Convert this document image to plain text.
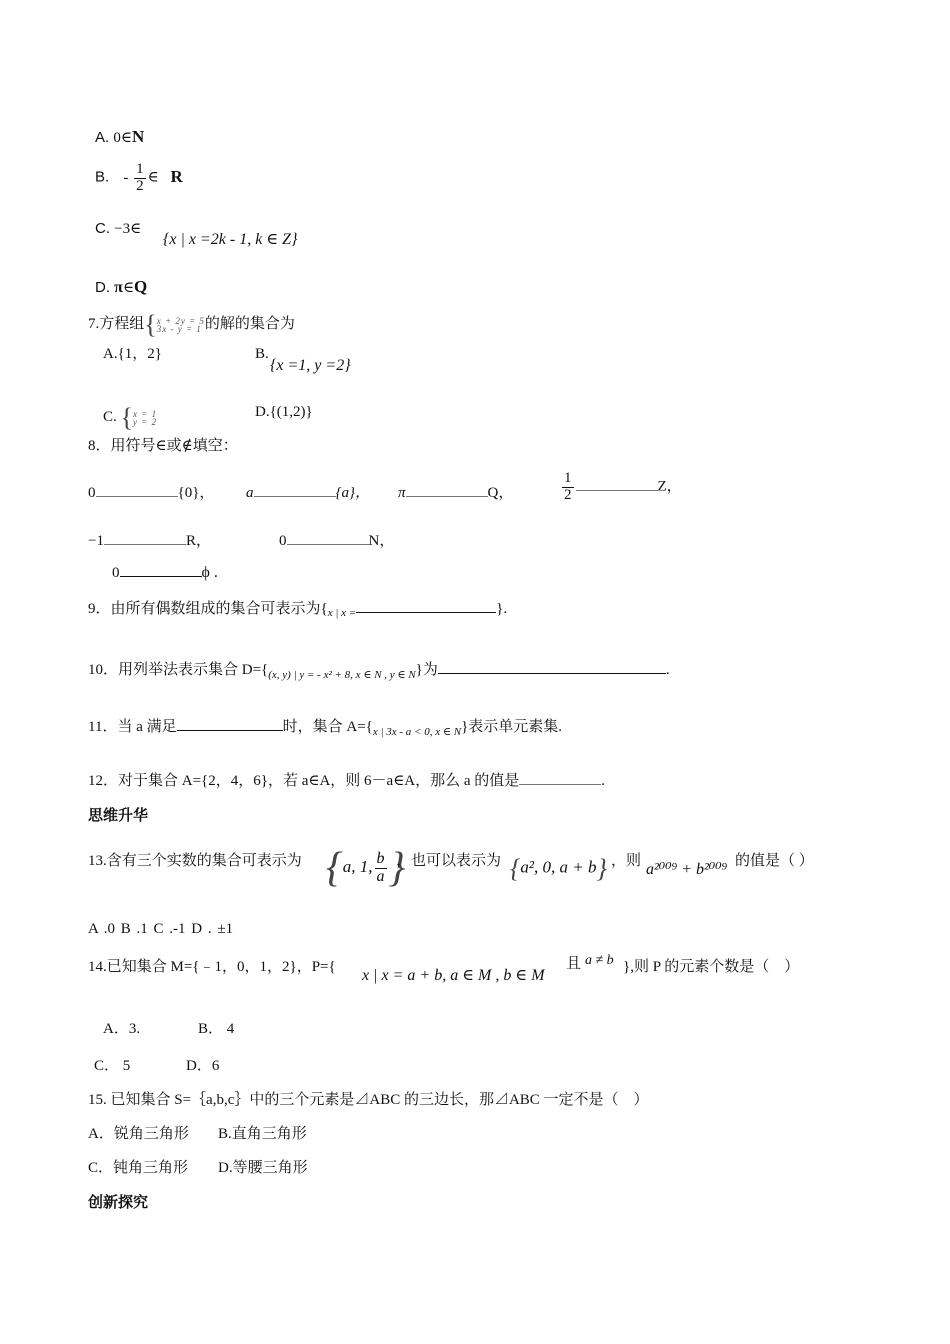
A. 0∈N
B. - $\frac{1}{2}$ ∈ R
C. −3∈
{x | x =2k - 1, k ∈ Z}
D. π∈Q
7.方程组{ x + 2y = 5
3x - y = 1 的解的集合为
A.{1，2}	B.
{x =1, y =2}
C. { x = 1
y = 2
D.{(1,2)}
8．用符号∈或∉填空：
0	{0}， a	{a}， π	Q，	$\frac{1}{2}$	Z，
−1	R，	0	N，
0	ϕ .
9．由所有偶数组成的集合可表示为{$_{x | x =}$	}.
10．用列举法表示集合 $D=\{_{(x, y) | y = - x^2 + 8, x \in N , y \in N}\}$为	.
11．当 a 满足	时，集合 $A=\{_{x | 3x - a < 0, x \in N}\}$表示单元素集.
12．对于集合 A={2，4，6}，若 a∈A，则 6－a∈A，那么 a 的值是	.
思维升华
13.含有三个实数的集合可表示为 {a, 1, $\frac{b}{a}$ }
，也可以表示为 {a², 0, a + b} ，则 a²⁰⁰⁹ + b²⁰⁰⁹ 的值是（ ）
A .0 B .1 C .-1 D . ±1
14.已知集合 M={﹣1，0，1，2}，P={ x | x = a + b, a ∈ M , b ∈ M
且 a ≠ b },则 P 的元素个数是（　）
A．3.	B． 4
C． 5	D．6
15. 已知集合 S=｛a,b,c｝中的三个元素是⊿ABC 的三边长，那⊿ABC 一定不是（　）
A．锐角三角形 B.直角三角形
C．钝角三角形 D.等腰三角形
创新探究
